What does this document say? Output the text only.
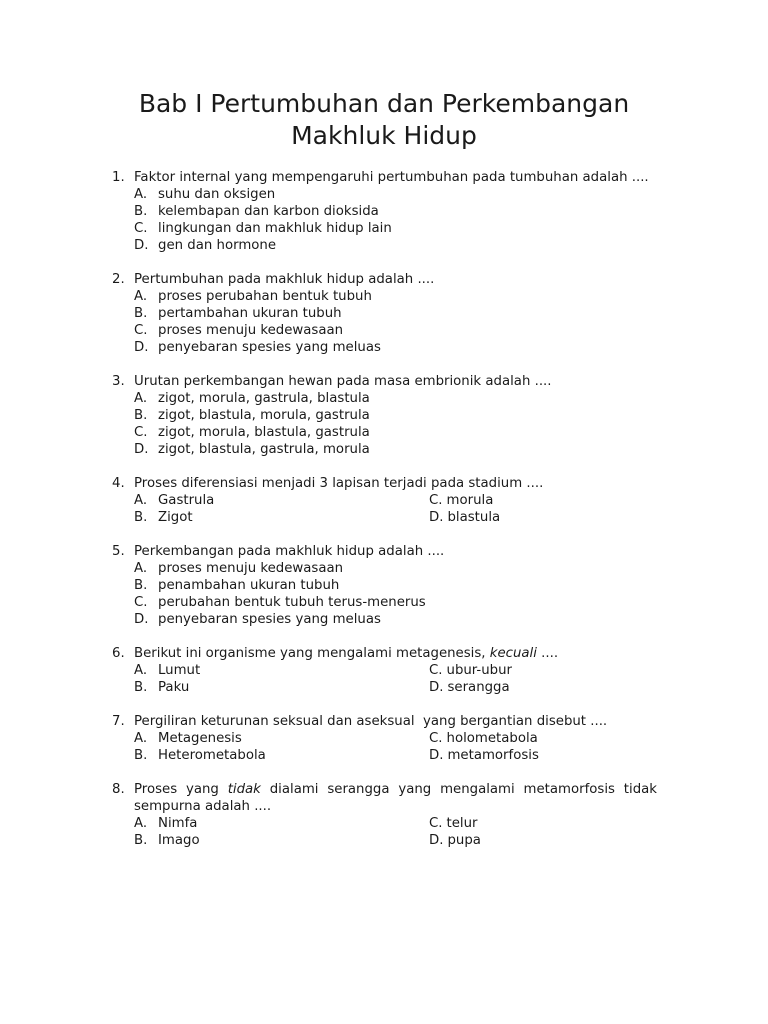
Bab I Pertumbuhan dan Perkembangan
Makhluk Hidup
1. Faktor internal yang mempengaruhi pertumbuhan pada tumbuhan adalah ....

A. suhu dan oksigen
B. kelembapan dan karbon dioksida
C. lingkungan dan makhluk hidup lain
D. gen dan hormone
2. Pertumbuhan pada makhluk hidup adalah ....

A. proses perubahan bentuk tubuh
B. pertambahan ukuran tubuh
C. proses menuju kedewasaan
D. penyebaran spesies yang meluas
3. Urutan perkembangan hewan pada masa embrionik adalah ....

A. zigot, morula, gastrula, blastula
B. zigot, blastula, morula, gastrula
C. zigot, morula, blastula, gastrula
D. zigot, blastula, gastrula, morula
4. Proses diferensiasi menjadi 3 lapisan terjadi pada stadium ....

A. Gastrula	C. morula
B. Zigot	D. blastula
5. Perkembangan pada makhluk hidup adalah ....

A. proses menuju kedewasaan
B. penambahan ukuran tubuh
C. perubahan bentuk tubuh terus-menerus
D. penyebaran spesies yang meluas
6. Berikut ini organisme yang mengalami metagenesis, kecuali ....

A. Lumut	C. ubur-ubur
B. Paku	D. serangga
7. Pergiliran keturunan seksual dan aseksual  yang bergantian disebut ....

A. Metagenesis	C. holometabola
B. Heterometabola	D. metamorfosis
8. Proses yang tidak dialami serangga yang mengalami metamorfosis tidak sempurna adalah ....

A. Nimfa	C. telur
B. Imago	D. pupa
